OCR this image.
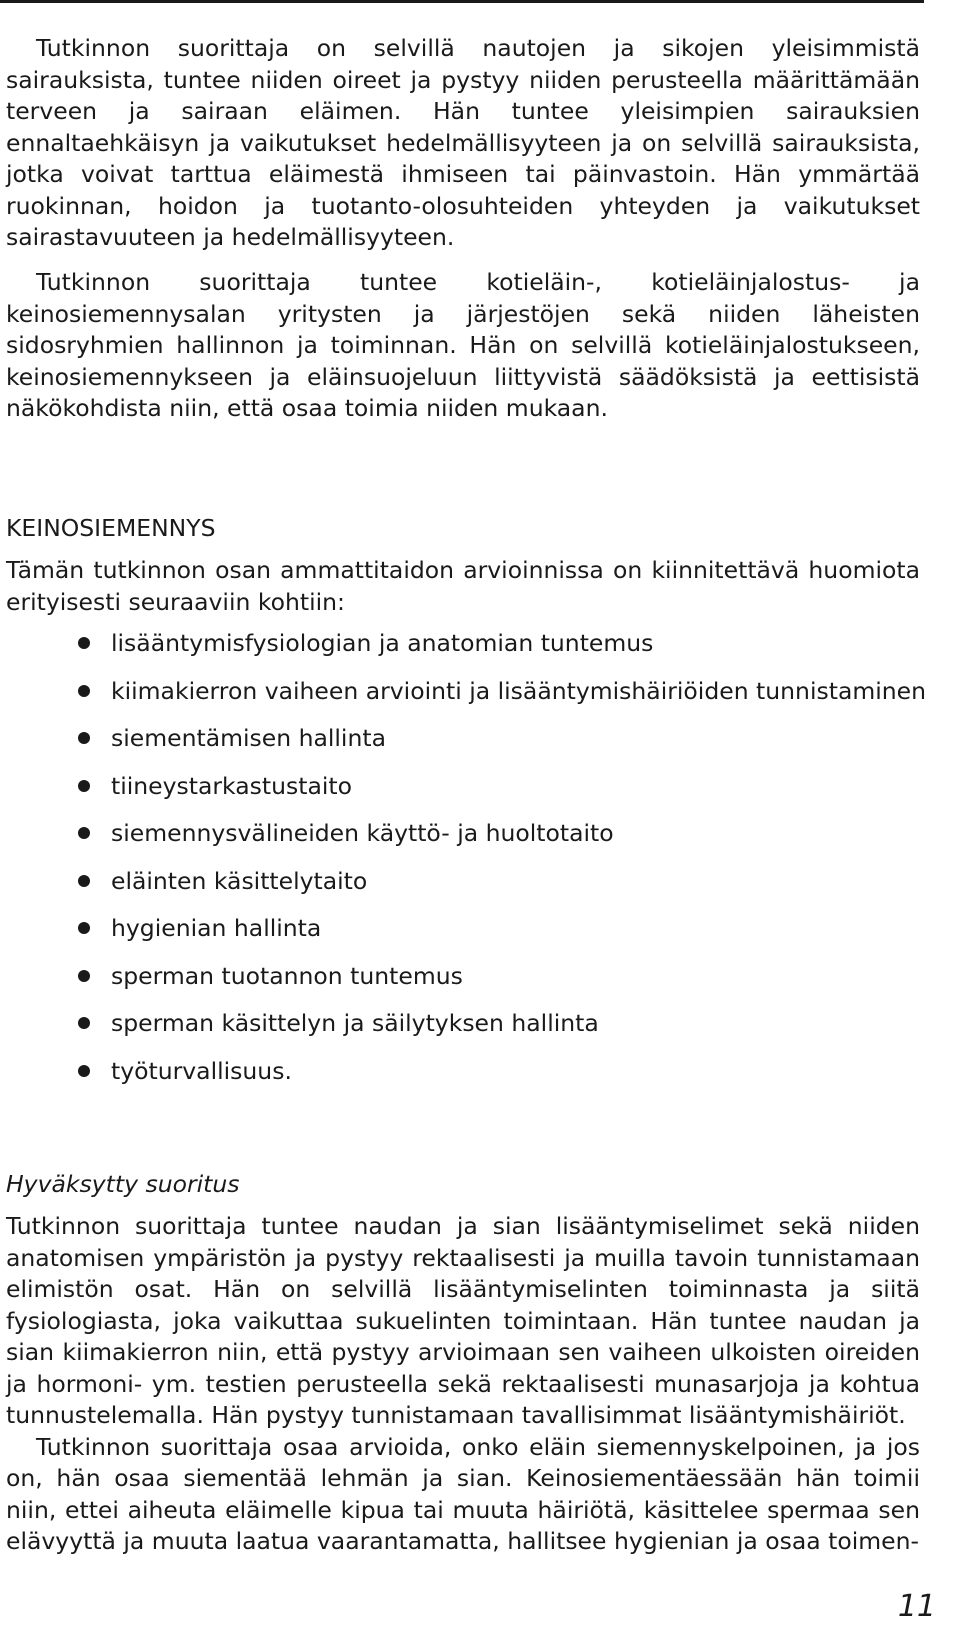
Tutkinnon suorittaja on selvillä nautojen ja sikojen yleisimmistä sairauksista, tuntee niiden oireet ja pystyy niiden perusteella määrittämään terveen ja sairaan eläimen. Hän tuntee yleisimpien sairauksien ennaltaehkäisyn ja vaikutukset hedelmällisyyteen ja on selvillä sairauksista, jotka voivat tarttua eläimestä ihmiseen tai päinvastoin. Hän ymmärtää ruokinnan, hoidon ja tuotanto-olosuhteiden yhteyden ja vaikutukset sairastavuuteen ja hedelmällisyyteen.

Tutkinnon suorittaja tuntee kotieläin-, kotieläinjalostus- ja keinosiemennysalan yritysten ja järjestöjen sekä niiden läheisten sidosryhmien hallinnon ja toiminnan. Hän on selvillä kotieläinjalostukseen, keinosiemennykseen ja eläinsuojeluun liittyvistä säädöksistä ja eettisistä näkökohdista niin, että osaa toimia niiden mukaan.

KEINOSIEMENNYS

Tämän tutkinnon osan ammattitaidon arvioinnissa on kiinnitettävä huomiota erityisesti seuraaviin kohtiin:

lisääntymisfysiologian ja anatomian tuntemus
kiimakierron vaiheen arviointi ja lisääntymishäiriöiden tunnistaminen
siementämisen hallinta
tiineystarkastustaito
siemennysvälineiden käyttö- ja huoltotaito
eläinten käsittelytaito
hygienian hallinta
sperman tuotannon tuntemus
sperman käsittelyn ja säilytyksen hallinta
työturvallisuus.
Hyväksytty suoritus

Tutkinnon suorittaja tuntee naudan ja sian lisääntymiselimet sekä niiden anatomisen ympäristön ja pystyy rektaalisesti ja muilla tavoin tunnistamaan elimistön osat. Hän on selvillä lisääntymiselinten toiminnasta ja siitä fysiologiasta, joka vaikuttaa sukuelinten toimintaan. Hän tuntee naudan ja sian kiimakierron niin, että pystyy arvioimaan sen vaiheen ulkoisten oireiden ja hormoni- ym. testien perusteella sekä rektaalisesti munasarjoja ja kohtua tunnustelemalla. Hän pystyy tunnistamaan tavallisimmat lisääntymishäiriöt.

Tutkinnon suorittaja osaa arvioida, onko eläin siemennyskelpoinen, ja jos on, hän osaa siementää lehmän ja sian. Keinosiementäessään hän toimii niin, ettei aiheuta eläimelle kipua tai muuta häiriötä, käsittelee spermaa sen elävyyttä ja muuta laatua vaarantamatta, hallitsee hygienian ja osaa toimen-

11
